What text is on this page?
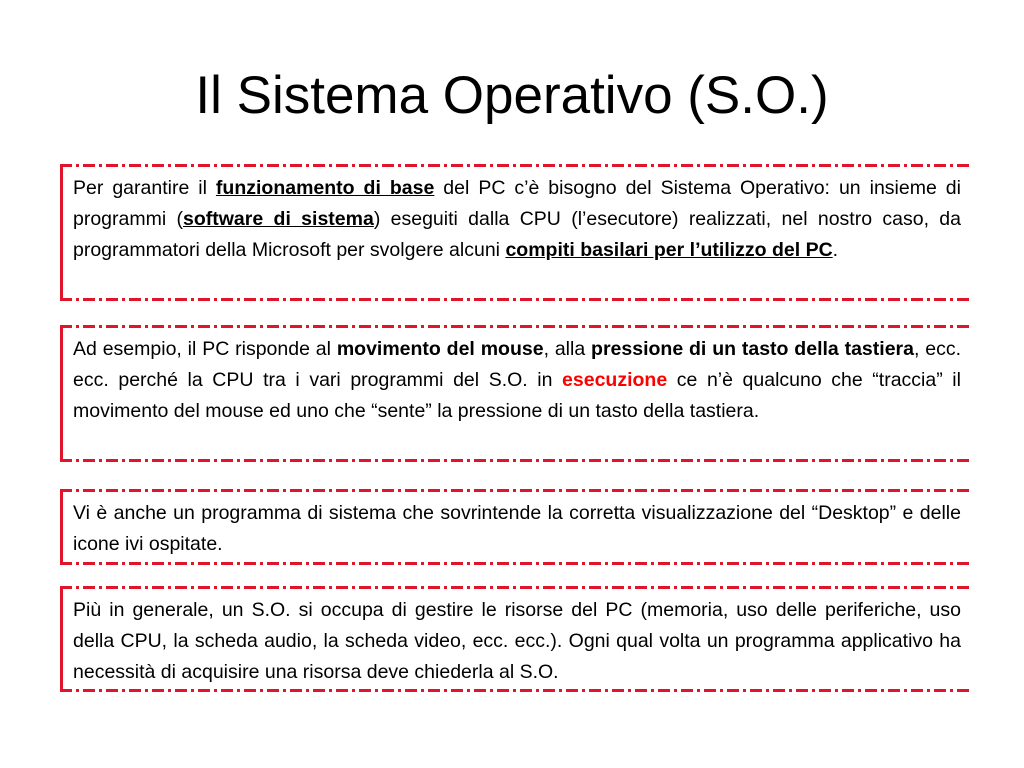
Il Sistema Operativo (S.O.)
Per garantire il funzionamento di base del PC c’è bisogno del Sistema Operativo: un insieme di programmi (software di sistema) eseguiti dalla CPU (l’esecutore) realizzati, nel nostro caso, da programmatori della Microsoft per svolgere alcuni compiti basilari per l’utilizzo del PC.
Ad esempio, il PC risponde al movimento del mouse, alla pressione di un tasto della tastiera, ecc. ecc. perché la CPU tra i vari programmi del S.O. in esecuzione ce n’è qualcuno che “traccia” il movimento del mouse ed uno che “sente” la pressione di un tasto della tastiera.
Vi è anche un programma di sistema che sovrintende la corretta visualizzazione del “Desktop” e delle icone ivi ospitate.
Più in generale, un S.O. si occupa di gestire le risorse del PC (memoria, uso delle periferiche, uso della CPU, la scheda audio, la scheda video, ecc. ecc.). Ogni qual volta un programma applicativo ha necessità di acquisire una risorsa deve chiederla al S.O.
